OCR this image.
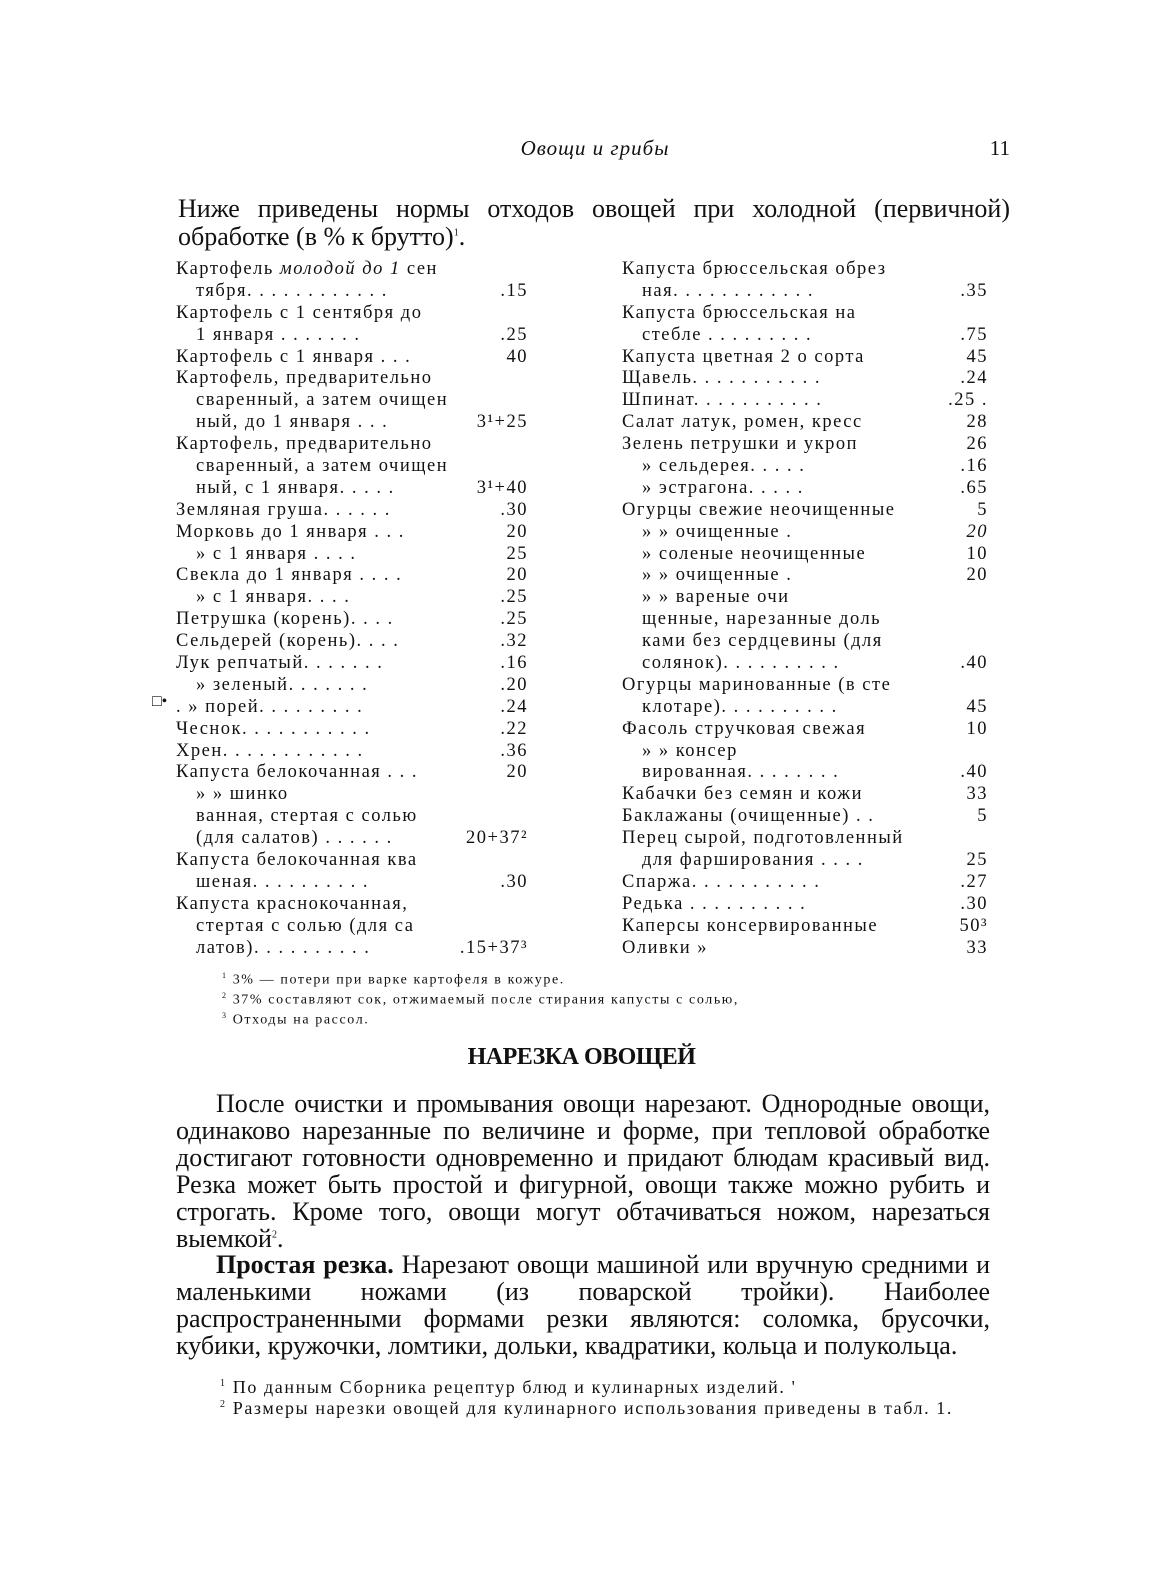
Овощи и грибы	11
Ниже приведены нормы отходов овощей при холодной (первичной) обработке (в % к брутто)$^1$.
Картофель молодой до 1 сен
тября. . . . . . . . . . . .	.15
Картофель с 1 сентября до
1 января . . . . . . .	.25
Картофель с 1 января . . .	40
Картофель, предварительно
сваренный, а затем очищен
ный, до 1 января . . .	3¹+25
Картофель, предварительно
сваренный, а затем очищен
ный, с 1 января. . . . .	3¹+40
Земляная груша. . . . . .	.30
Морковь до 1 января . . .	20
» с 1 января . . . .	25
Свекла до 1 января . . . .	20
» с 1 января. . . .	.25
Петрушка (корень). . . .	.25
Сельдерей (корень). . . .	.32
Лук репчатый. . . . . . .	.16
» зеленый. . . . . . .	.20
. » порей. . . . . . . . .	.24
Чеснок. . . . . . . . . . .	.22
Хрен. . . . . . . . . . . .	.36
Капуста белокочанная . . .	20
» » шинко
ванная, стертая с солью
(для салатов) . . . . . .	20+37²
Капуста белокочанная ква
шеная. . . . . . . . . .	.30
Капуста краснокочанная,
стертая с солью (для са
латов). . . . . . . . . .	.15+37³
Капуста брюссельская обрез
ная. . . . . . . . . . . .	.35
Капуста брюссельская на
стебле . . . . . . . . .	.75
Капуста цветная 2 о сорта	45
Щавель. . . . . . . . . . .	.24
Шпинат. . . . . . . . . . .	.25 .
Салат латук, ромен, кресс	28
Зелень петрушки и укроп	26
» сельдерея. . . . .	.16
» эстрагона. . . . .	.65
Огурцы свежие неочищенные	5
» » очищенные .	20
» соленые неочищенные	10
» » очищенные .	20
» » вареные очи
щенные, нарезанные доль
ками без сердцевины (для
солянок). . . . . . . . . .	.40
Огурцы маринованные (в сте
клотаре). . . . . . . . . .	45
Фасоль стручковая свежая	10
» » консер
вированная. . . . . . . .	.40
Кабачки без семян и кожи	33
Баклажаны (очищенные) . .	5
Перец сырой, подготовленный
для фарширования . . . .	25
Спаржа. . . . . . . . . . .	.27
Редька . . . . . . . . . .	.30
Каперсы консервированные	50³
Оливки »	33
□•
$^1$ 3% — потери при варке картофеля в кожуре.
$^2$ 37% составляют сок, отжимаемый после стирания капусты с солью,
$^3$ Отходы на рассол.
НАРЕЗКА ОВОЩЕЙ

После очистки и промывания овощи нарезают. Однородные овощи, одинаково нарезанные по величине и форме, при тепловой обработке достигают готовности одновременно и придают блюдам красивый вид. Резка может быть простой и фигурной, овощи также можно рубить и строгать. Кроме того, овощи могут обтачиваться ножом, нарезаться выемкой$^2$.

Простая резка. Нарезают овощи машиной или вручную средними и маленькими ножами (из поварской тройки). Наиболее распространенными формами резки являются: соломка, брусочки, кубики, кружочки, ломтики, дольки, квадратики, кольца и полукольца.

$^1$ По данным Сборника рецептур блюд и кулинарных изделий. '
$^2$ Размеры нарезки овощей для кулинарного использования приведены в табл. 1.
